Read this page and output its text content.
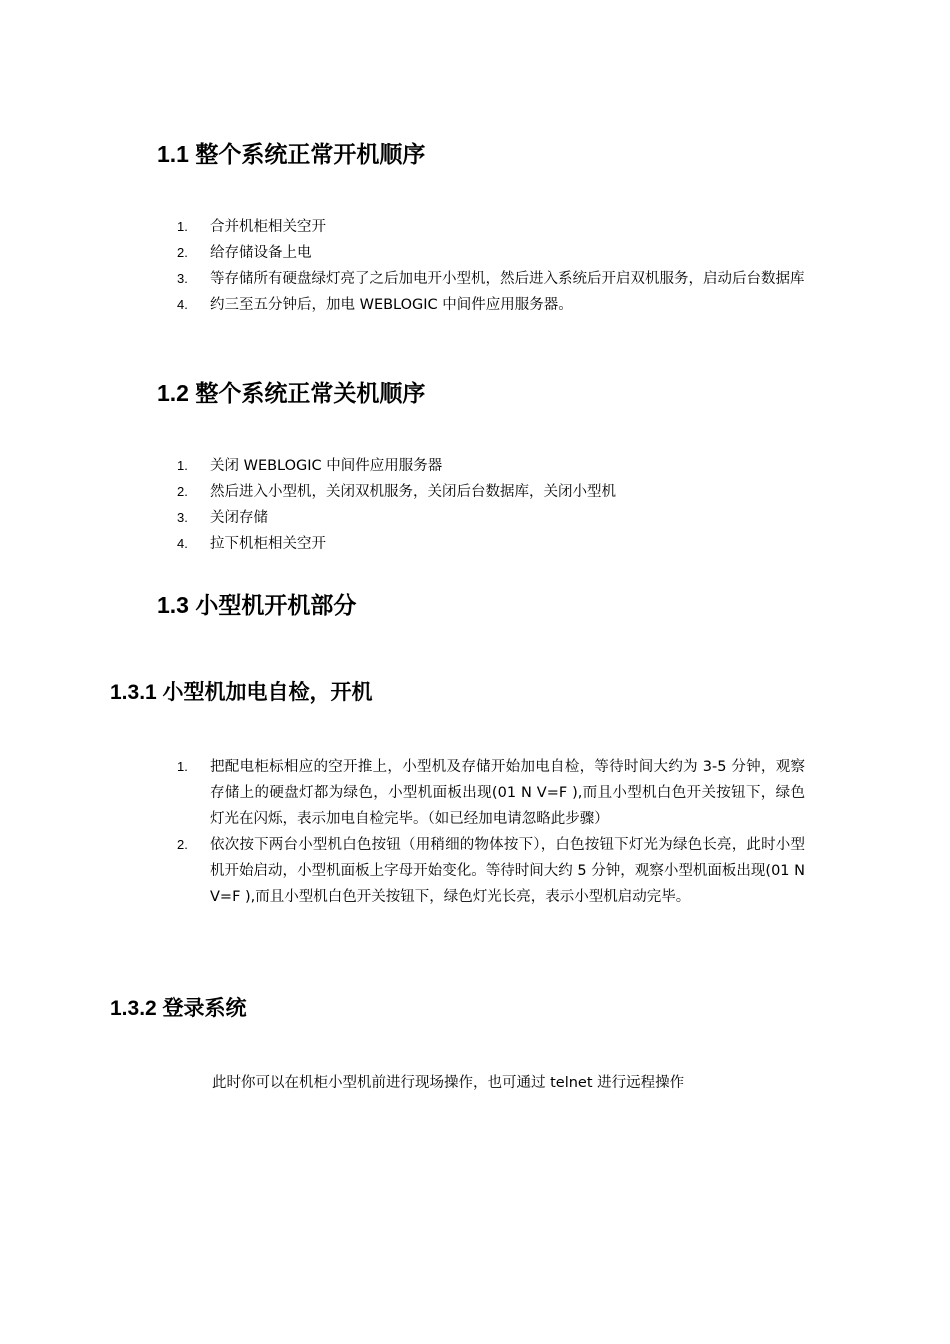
1.1 整个系统正常开机顺序
1. 合并机柜相关空开
2. 给存储设备上电
3. 等存储所有硬盘绿灯亮了之后加电开小型机，然后进入系统后开启双机服务，启动后台数据库
4. 约三至五分钟后，加电 WEBLOGIC 中间件应用服务器。
1.2 整个系统正常关机顺序
1. 关闭 WEBLOGIC 中间件应用服务器
2. 然后进入小型机，关闭双机服务，关闭后台数据库，关闭小型机
3. 关闭存储
4. 拉下机柜相关空开
1.3 小型机开机部分
1.3.1 小型机加电自检，开机
1. 把配电柜标相应的空开推上，小型机及存储开始加电自检，等待时间大约为 3-5 分钟，观察存储上的硬盘灯都为绿色，小型机面板出现(01 N V=F ),而且小型机白色开关按钮下，绿色灯光在闪烁，表示加电自检完毕。（如已经加电请忽略此步骤）
2. 依次按下两台小型机白色按钮（用稍细的物体按下），白色按钮下灯光为绿色长亮，此时小型机开始启动，小型机面板上字母开始变化。等待时间大约 5 分钟，观察小型机面板出现(01 N V=F ),而且小型机白色开关按钮下，绿色灯光长亮，表示小型机启动完毕。
1.3.2 登录系统

此时你可以在机柜小型机前进行现场操作，也可通过 telnet 进行远程操作
